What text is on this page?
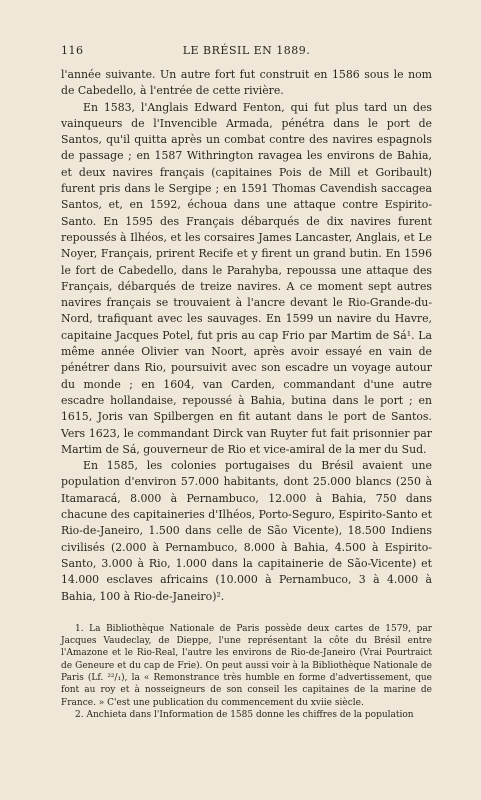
116	LE BRÉSIL EN 1889.

l'année suivante. Un autre fort fut construit en 1586 sous le nom de Cabedello, à l'entrée de cette rivière.

En 1583, l'Anglais Edward Fenton, qui fut plus tard un des vainqueurs de l'Invencible Armada, pénétra dans le port de Santos, qu'il quitta après un combat contre des navires espagnols de passage ; en 1587 Withrington ravagea les environs de Bahia, et deux navires français (capitaines Pois de Mill et Goribault) furent pris dans le Sergipe ; en 1591 Thomas Cavendish saccagea Santos, et, en 1592, échoua dans une attaque contre Espirito-Santo. En 1595 des Français débarqués de dix navires furent repoussés à Ilhéos, et les corsaires James Lancaster, Anglais, et Le Noyer, Français, prirent Recife et y firent un grand butin. En 1596 le fort de Cabedello, dans le Parahyba, repoussa une attaque des Français, débarqués de treize navires. A ce moment sept autres navires français se trouvaient à l'ancre devant le Rio-Grande-du-Nord, trafiquant avec les sauvages. En 1599 un navire du Havre, capitaine Jacques Potel, fut pris au cap Frio par Martim de Sá¹. La même année Olivier van Noort, après avoir essayé en vain de pénétrer dans Rio, poursuivit avec son escadre un voyage autour du monde ; en 1604, van Carden, commandant d'une autre escadre hollandaise, repoussé à Bahia, butina dans le port ; en 1615, Joris van Spilbergen en fit autant dans le port de Santos. Vers 1623, le commandant Dirck van Ruyter fut fait prisonnier par Martim de Sá, gouverneur de Rio et vice-amiral de la mer du Sud.

En 1585, les colonies portugaises du Brésil avaient une population d'environ 57.000 habitants, dont 25.000 blancs (250 à Itamaracá, 8.000 à Pernambuco, 12.000 à Bahia, 750 dans chacune des capitaineries d'Ilhéos, Porto-Seguro, Espirito-Santo et Rio-de-Janeiro, 1.500 dans celle de São Vicente), 18.500 Indiens civilisés (2.000 à Pernambuco, 8.000 à Bahia, 4.500 à Espirito-Santo, 3.000 à Rio, 1.000 dans la capitainerie de São-Vicente) et 14.000 esclaves africains (10.000 à Pernambuco, 3 à 4.000 à Bahia, 100 à Rio-de-Janeiro)².

1. La Bibliothèque Nationale de Paris possède deux cartes de 1579, par Jacques Vaudeclay, de Dieppe, l'une représentant la côte du Brésil entre l'Amazone et le Rio-Real, l'autre les environs de Rio-de-Janeiro (Vrai Pourtraict de Geneure et du cap de Frie). On peut aussi voir à la Bibliothèque Nationale de Paris (Lf. ²²/₁), la « Remonstrance très humble en forme d'advertissement, que font au roy et à nosseigneurs de son conseil les capitaines de la marine de France. » C'est une publication du commencement du xviie siècle.

2. Anchieta dans l'Information de 1585 donne les chiffres de la population
